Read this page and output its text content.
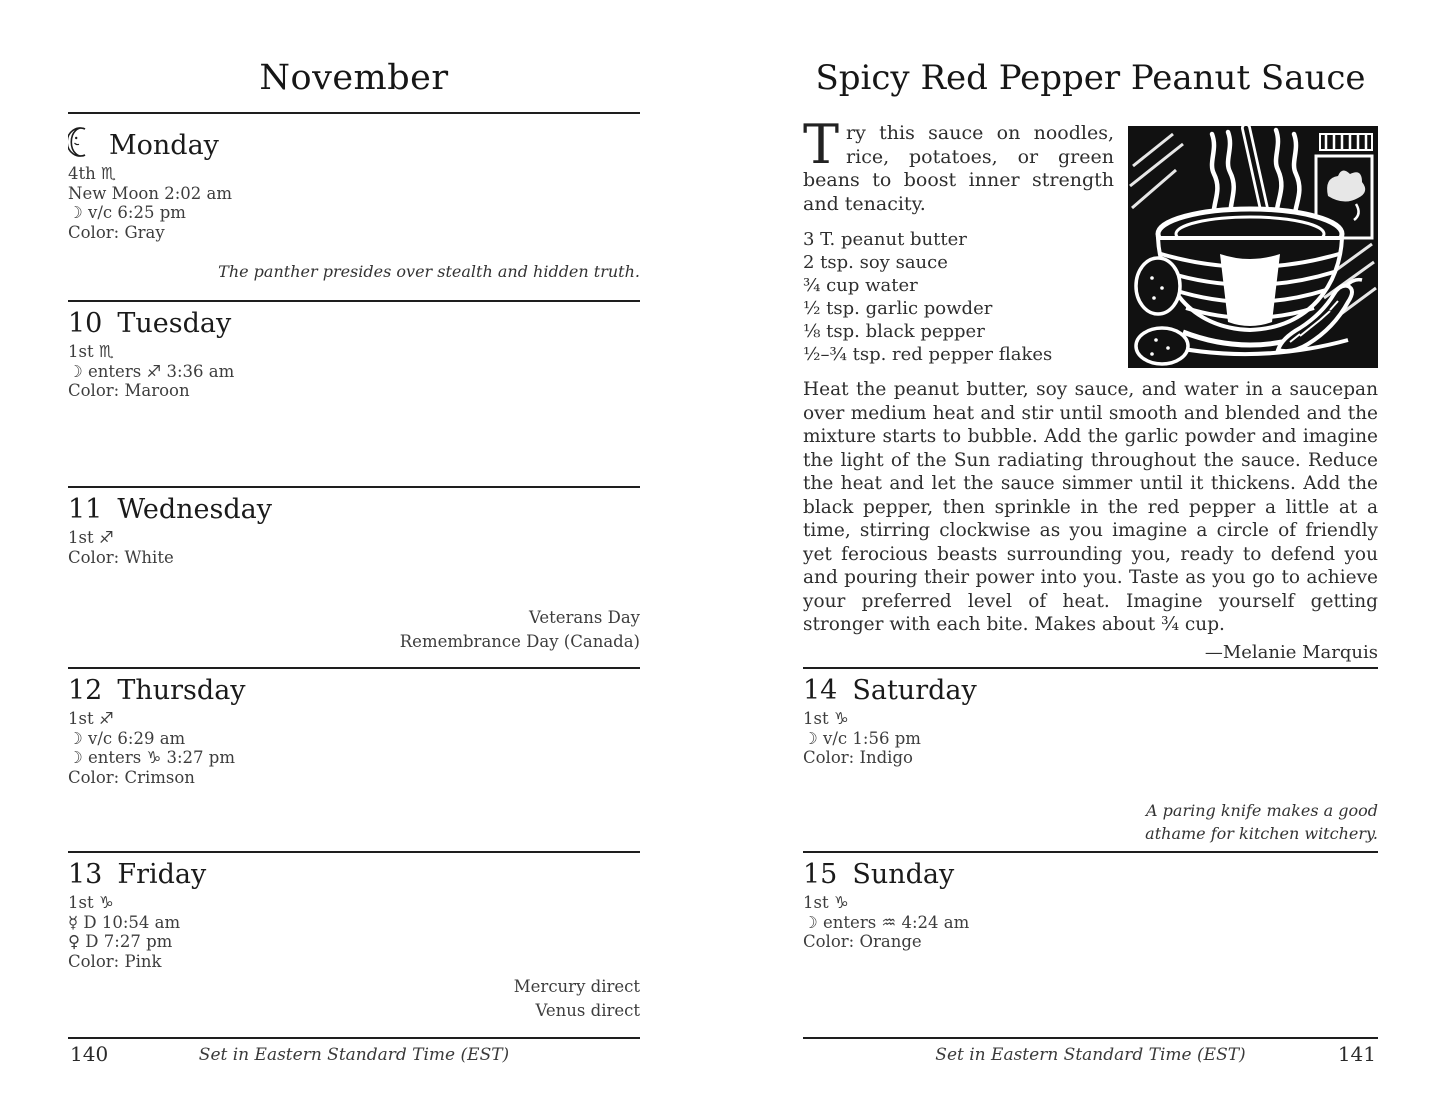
November
Monday
4th ♏
New Moon 2:02 am
☽ v/c 6:25 pm
Color: Gray
The panther presides over stealth and hidden truth.
10 Tuesday
1st ♏
☽ enters ♐ 3:36 am
Color: Maroon
11 Wednesday
1st ♐
Color: White
Veterans Day
Remembrance Day (Canada)
12 Thursday
1st ♐
☽ v/c 6:29 am
☽ enters ♑ 3:27 pm
Color: Crimson
13 Friday
1st ♑
☿ D 10:54 am
♀ D 7:27 pm
Color: Pink
Mercury direct
Venus direct
140	Set in Eastern Standard Time (EST)
Spicy Red Pepper Peanut Sauce

Try this sauce on noodles, rice, potatoes, or green beans to boost inner strength and tenacity.

3 T. peanut butter
2 tsp. soy sauce
¾ cup water
½ tsp. garlic powder
⅛ tsp. black pepper
½–¾ tsp. red pepper flakes

Heat the peanut butter, soy sauce, and water in a saucepan over medium heat and stir until smooth and blended and the mixture starts to bubble. Add the garlic powder and imagine the light of the Sun radiating throughout the sauce. Reduce the heat and let the sauce simmer until it thickens. Add the black pepper, then sprinkle in the red pepper a little at a time, stirring clockwise as you imagine a circle of friendly yet ferocious beasts surrounding you, ready to defend you and pouring their power into you. Taste as you go to achieve your preferred level of heat. Imagine yourself getting stronger with each bite. Makes about ¾ cup.

—Melanie Marquis
14 Saturday
1st ♑
☽ v/c 1:56 pm
Color: Indigo
A paring knife makes a good
athame for kitchen witchery.
15 Sunday
1st ♑
☽ enters ♒ 4:24 am
Color: Orange
Set in Eastern Standard Time (EST)	141
